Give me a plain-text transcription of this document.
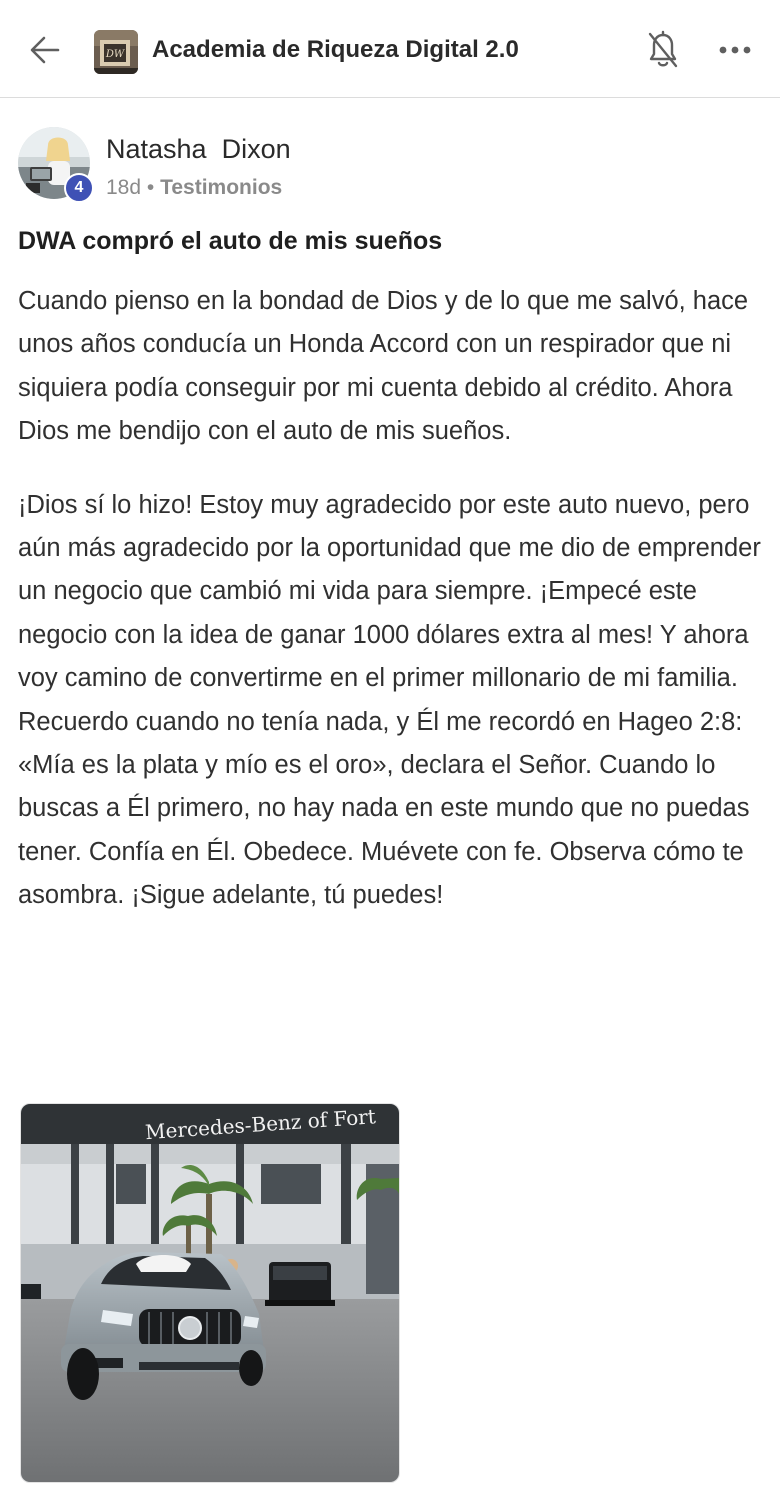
DW Academia de Riqueza Digital 2.0
4
Natasha  Dixon
18d • Testimonios
DWA compró el auto de mis sueños

Cuando pienso en la bondad de Dios y de lo que me salvó, hace unos años conducía un Honda Accord con un respirador que ni siquiera podía conseguir por mi cuenta debido al crédito. Ahora Dios me bendijo con el auto de mis sueños.

¡Dios sí lo hizo! Estoy muy agradecido por este auto nuevo, pero aún más agradecido por la oportunidad que me dio de emprender un negocio que cambió mi vida para siempre. ¡Empecé este negocio con la idea de ganar 1000 dólares extra al mes! Y ahora voy camino de convertirme en el primer millonario de mi familia. Recuerdo cuando no tenía nada, y Él me recordó en Hageo 2:8: «Mía es la plata y mío es el oro», declara el Señor. Cuando lo buscas a Él primero, no hay nada en este mundo que no puedas tener. Confía en Él. Obedece. Muévete con fe. Observa cómo te asombra. ¡Sigue adelante, tú puedes!

Mercedes-Benz of Fort
